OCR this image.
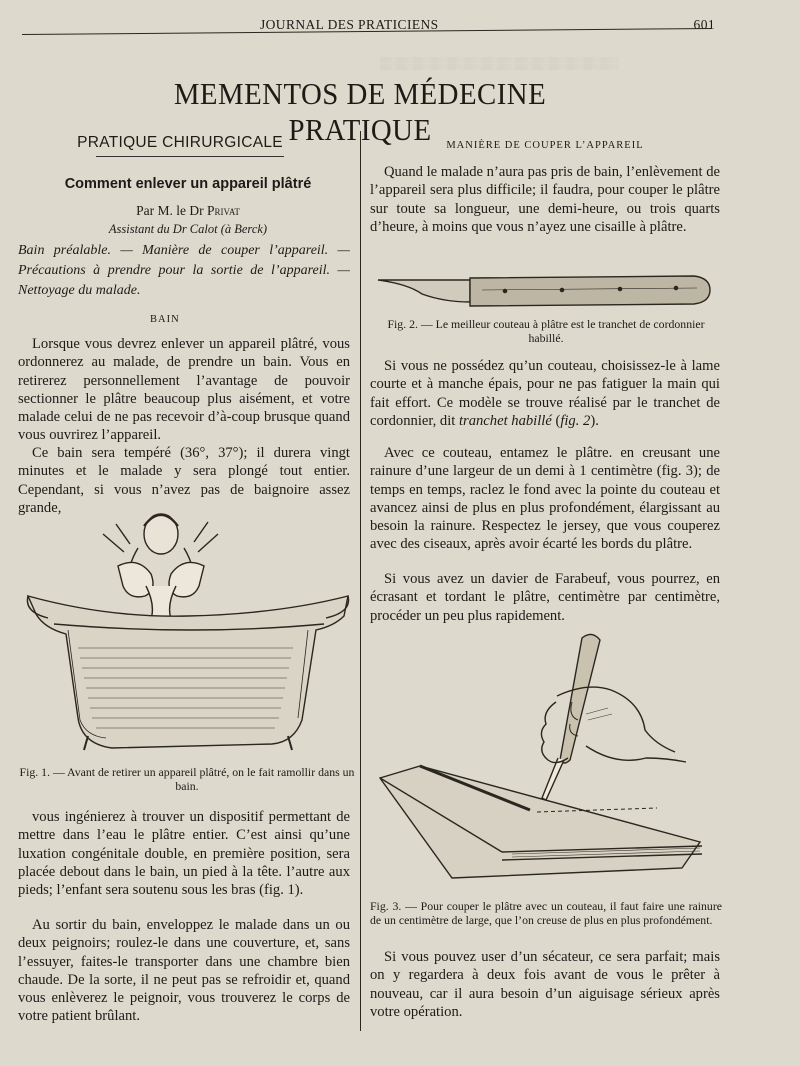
▒░▒░▒░▒░▒░▒░▒░▒░▒░▒░▒░▒░▒░▒░
JOURNAL DES PRATICIENS	601
MEMENTOS DE MÉDECINE PRATIQUE
PRATIQUE CHIRURGICALE
Comment enlever un appareil plâtré
Par M. le Dr Privat
Assistant du Dr Calot (à Berck)
Bain préalable. — Manière de couper l’appareil. — Précautions à prendre pour la sortie de l’appareil. — Nettoyage du malade.
BAIN
Lorsque vous devrez enlever un appareil plâtré, vous ordonnerez au malade, de prendre un bain. Vous en retirerez personnellement l’avantage de pouvoir sectionner le plâtre beaucoup plus aisément, et votre malade celui de ne pas recevoir d’à-coup brusque quand vous ouvrirez l’appareil.
Ce bain sera tempéré (36°, 37°); il durera vingt minutes et le malade y sera plongé tout entier. Cependant, si vous n’avez pas de baignoire assez grande,
Fig. 1. — Avant de retirer un appareil plâtré, on le fait ramollir dans un bain.
vous ingénierez à trouver un dispositif permettant de mettre dans l’eau le plâtre entier. C’est ainsi qu’une luxation congénitale double, en première position, sera placée debout dans le bain, un pied à la tête. l’autre aux pieds; l’enfant sera soutenu sous les bras (fig. 1).
Au sortir du bain, enveloppez le malade dans un ou deux peignoirs; roulez-le dans une couverture, et, sans l’essuyer, faites-le transporter dans une chambre bien chaude. De la sorte, il ne peut pas se refroidir et, quand vous enlèverez le peignoir, vous trouverez le corps de votre patient brûlant.
MANIÈRE DE COUPER L’APPAREIL
Quand le malade n’aura pas pris de bain, l’enlèvement de l’appareil sera plus difficile; il faudra, pour couper le plâtre sur toute sa longueur, une demi-heure, ou trois quarts d’heure, à moins que vous n’ayez une cisaille à plâtre.
Fig. 2. — Le meilleur couteau à plâtre est le tranchet de cordonnier habillé.
Si vous ne possédez qu’un couteau, choisissez-le à lame courte et à manche épais, pour ne pas fatiguer la main qui fait effort. Ce modèle se trouve réalisé par le tranchet de cordonnier, dit tranchet habillé (fig. 2).
Avec ce couteau, entamez le plâtre. en creusant une rainure d’une largeur de un demi à 1 centimètre (fig. 3); de temps en temps, raclez le fond avec la pointe du couteau et avancez ainsi de plus en plus profondément, élargissant au besoin la rainure. Respectez le jersey, que vous couperez avec des ciseaux, après avoir écarté les bords du plâtre.
Si vous avez un davier de Farabeuf, vous pourrez, en écrasant et tordant le plâtre, centimètre par centimètre, procéder un peu plus rapidement.
Fig. 3. — Pour couper le plâtre avec un couteau, il faut faire une rainure de un centimètre de large, que l’on creuse de plus en plus profondément.
Si vous pouvez user d’un sécateur, ce sera parfait; mais on y regardera à deux fois avant de vous le prêter à nouveau, car il aura besoin d’un aiguisage sérieux après votre opération.
